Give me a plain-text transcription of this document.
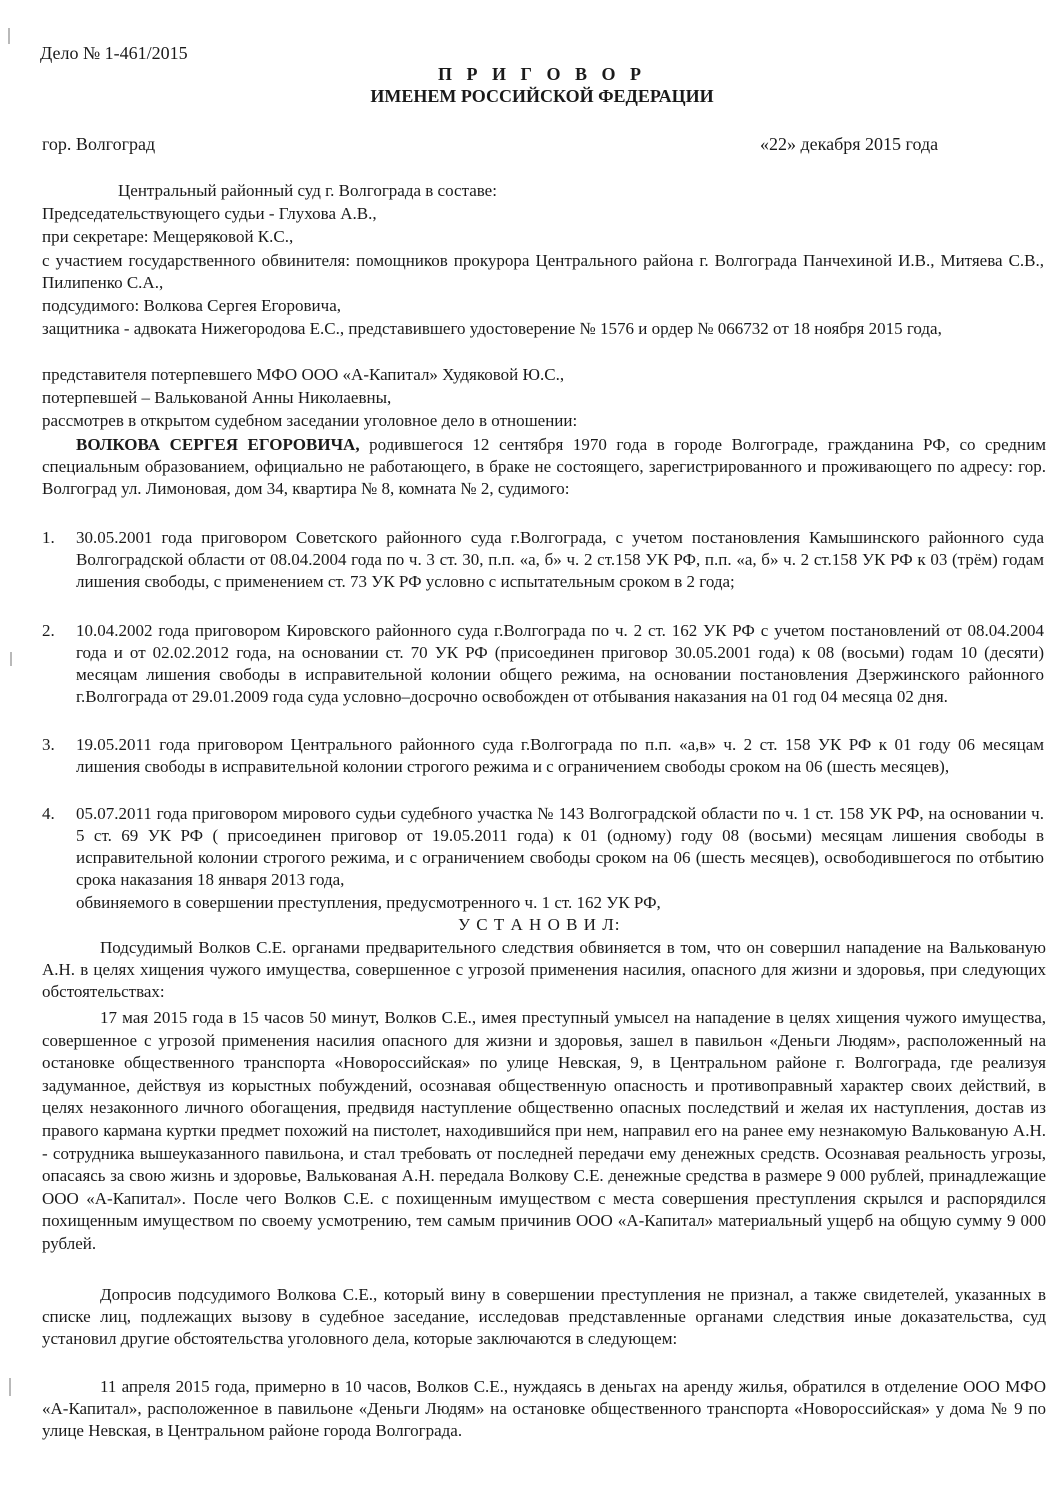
Дело № 1-461/2015
П Р И Г О В О Р
ИМЕНЕМ РОССИЙСКОЙ ФЕДЕРАЦИИ
гор. Волгоград	«22» декабря 2015 года
Центральный районный суд г. Волгограда в составе:
Председательствующего судьи - Глухова А.В.,
при секретаре: Мещеряковой К.С.,
с участием государственного обвинителя: помощников прокурора Центрального района г. Волгограда Панчехиной И.В., Митяева С.В., Пилипенко С.А.,
подсудимого: Волкова Сергея Егоровича,
защитника - адвоката Нижегородова Е.С., представившего удостоверение № 1576 и ордер № 066732 от 18 ноября 2015 года,
представителя потерпевшего МФО ООО «А-Капитал» Худяковой Ю.С.,
потерпевшей – Валькованой Анны Николаевны,
рассмотрев в открытом судебном заседании уголовное дело в отношении:
ВОЛКОВА СЕРГЕЯ ЕГОРОВИЧА, родившегося 12 сентября 1970 года в городе Волгограде, гражданина РФ, со средним специальным образованием, официально не работающего, в браке не состоящего, зарегистрированного и проживающего по адресу: гор. Волгоград ул. Лимоновая, дом 34, квартира № 8, комната № 2, судимого:
1. 30.05.2001 года приговором Советского районного суда г.Волгограда, с учетом постановления Камышинского районного суда Волгоградской области от 08.04.2004 года по ч. 3 ст. 30, п.п. «а, б» ч. 2 ст.158 УК РФ, п.п. «а, б» ч. 2 ст.158 УК РФ к 03 (трём) годам лишения свободы, с применением ст. 73 УК РФ условно с испытательным сроком в 2 года;
2. 10.04.2002 года приговором Кировского районного суда г.Волгограда по ч. 2 ст. 162 УК РФ с учетом постановлений от 08.04.2004 года и от 02.02.2012 года, на основании ст. 70 УК РФ (присоединен приговор 30.05.2001 года) к 08 (восьми) годам 10 (десяти) месяцам лишения свободы в исправительной колонии общего режима, на основании постановления Дзержинского районного г.Волгограда от 29.01.2009 года суда условно–досрочно освобожден от отбывания наказания на 01 год 04 месяца 02 дня.
3. 19.05.2011 года приговором Центрального районного суда г.Волгограда по п.п. «а,в» ч. 2 ст. 158 УК РФ к 01 году 06 месяцам лишения свободы в исправительной колонии строгого режима и с ограничением свободы сроком на 06 (шесть месяцев),
4. 05.07.2011 года приговором мирового судьи судебного участка № 143 Волгоградской области по ч. 1 ст. 158 УК РФ, на основании ч. 5 ст. 69 УК РФ ( присоединен приговор от 19.05.2011 года) к 01 (одному) году 08 (восьми) месяцам лишения свободы в исправительной колонии строгого режима, и с ограничением свободы сроком на 06 (шесть месяцев), освободившегося по отбытию срока наказания 18 января 2013 года,
обвиняемого в совершении преступления, предусмотренного ч. 1 ст. 162 УК РФ,
У С Т А Н О В И Л:
Подсудимый Волков С.Е. органами предварительного следствия обвиняется в том, что он совершил нападение на Валькованую А.Н. в целях хищения чужого имущества, совершенное с угрозой применения насилия, опасного для жизни и здоровья, при следующих обстоятельствах:
17 мая 2015 года в 15 часов 50 минут, Волков С.Е., имея преступный умысел на нападение в целях хищения чужого имущества, совершенное с угрозой применения насилия опасного для жизни и здоровья, зашел в павильон «Деньги Людям», расположенный на остановке общественного транспорта «Новороссийская» по улице Невская, 9, в Центральном районе г. Волгограда, где реализуя задуманное, действуя из корыстных побуждений, осознавая общественную опасность и противоправный характер своих действий, в целях незаконного личного обогащения, предвидя наступление общественно опасных последствий и желая их наступления, достав из правого кармана куртки предмет похожий на пистолет, находившийся при нем, направил его на ранее ему незнакомую Валькованую А.Н. - сотрудника вышеуказанного павильона, и стал требовать от последней передачи ему денежных средств. Осознавая реальность угрозы, опасаясь за свою жизнь и здоровье, Валькованая А.Н. передала Волкову С.Е. денежные средства в размере 9 000 рублей, принадлежащие ООО «А-Капитал». После чего Волков С.Е. с похищенным имуществом с места совершения преступления скрылся и распорядился похищенным имуществом по своему усмотрению, тем самым причинив ООО «А-Капитал» материальный ущерб на общую сумму 9 000 рублей.
Допросив подсудимого Волкова С.Е., который вину в совершении преступления не признал, а также свидетелей, указанных в списке лиц, подлежащих вызову в судебное заседание, исследовав представленные органами следствия иные доказательства, суд установил другие обстоятельства уголовного дела, которые заключаются в следующем:
11 апреля 2015 года, примерно в 10 часов, Волков С.Е., нуждаясь в деньгах на аренду жилья, обратился в отделение ООО МФО «А-Капитал», расположенное в павильоне «Деньги Людям» на остановке общественного транспорта «Новороссийская» у дома № 9 по улице Невская, в Центральном районе города Волгограда.
